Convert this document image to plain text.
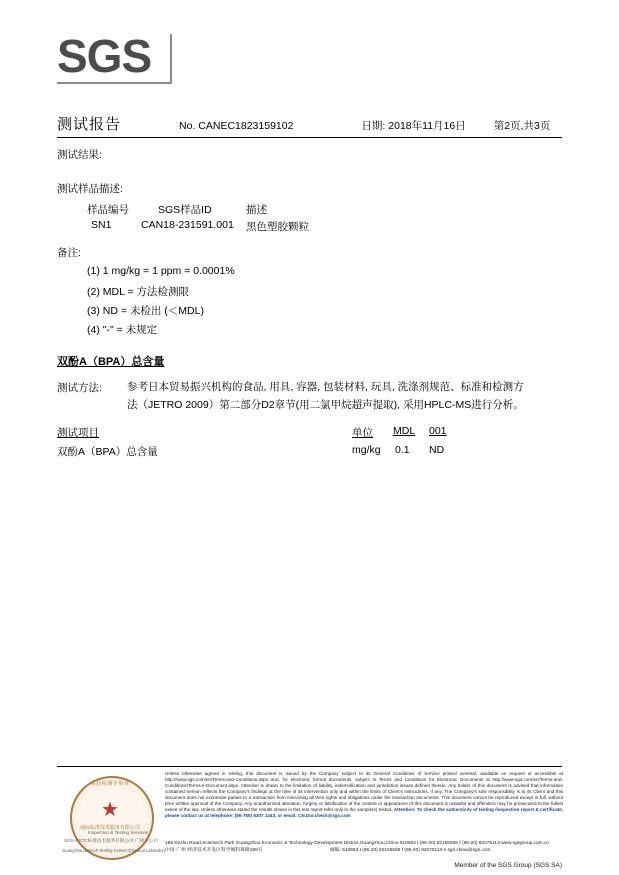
SGS
测试报告	No. CANEC1823159102	日期: 2018年11月16日	第2页,共3页
测试结果:
测试样品描述:
样品编号	SGS样品ID	描述
SN1	CAN18-231591.001 黑色塑胶颗粒
备注:
(1) 1 mg/kg = 1 ppm = 0.0001%
(2) MDL = 方法检测限
(3) ND = 未检出 (＜MDL)
(4) "-" = 未规定
双酚A（BPA）总含量
测试方法: 参考日本贸易振兴机构的食品, 用具, 容器, 包装材料, 玩具, 洗涤剂规范、标准和检测方
法（JETRO 2009）第二部分D2章节(用二氯甲烷超声提取), 采用HPLC-MS进行分析。
测试项目	单位 MDL 001
双酚A（BPA）总含量	mg/kg 0.1 ND
检验检测专用章
★
通标标准技术服务有限公司
SGS-CSTC标准技术服务有限公司 广州分公司
Guangzhou Branch Testing Center Chemical Laboratory
Inspection & Testing Services
Unless otherwise agreed in writing, this document is issued by the Company subject to its General Conditions of Service printed overleaf, available on request or accessible at http://www.sgs.com/en/Terms-and-Conditions.aspx and, for electronic format documents, subject to Terms and Conditions for Electronic Documents at http://www.sgs.com/en/Terms-and-Conditions/Terms-e-Document.aspx. Attention is drawn to the limitation of liability, indemnification and jurisdiction issues defined therein. Any holder of this document is advised that information contained hereon reflects the Company's findings at the time of its intervention only and within the limits of Client's instructions, if any. The Company's sole responsibility is to its Client and this document does not exonerate parties to a transaction from exercising all their rights and obligations under the transaction documents. This document cannot be reproduced except in full, without prior written approval of the Company. Any unauthorized alteration, forgery or falsification of the content or appearance of this document is unlawful and offenders may be prosecuted to the fullest extent of the law. Unless otherwise stated the results shown in this test report refer only to the sample(s) tested. Attention: To check the authenticity of testing /inspection report & certificate, please contact us at telephone: (86-755) 8307 1443, or email: CN.Doccheck@sgs.com
198 Kezhu Road,Scientech Park Guangzhou Economic & Technology Development District,Guangzhou,China 510663 t (86-20) 82155555 f (86-20) 82075113 www.sgsgroup.com.cn
中国·广州·经济技术开发区科学城科珠路198号	邮编: 510663 t (86-20) 82155555 f (86-20) 82075113 e sgs.china@sgs.com
Member of the SGS Group (SGS SA)
